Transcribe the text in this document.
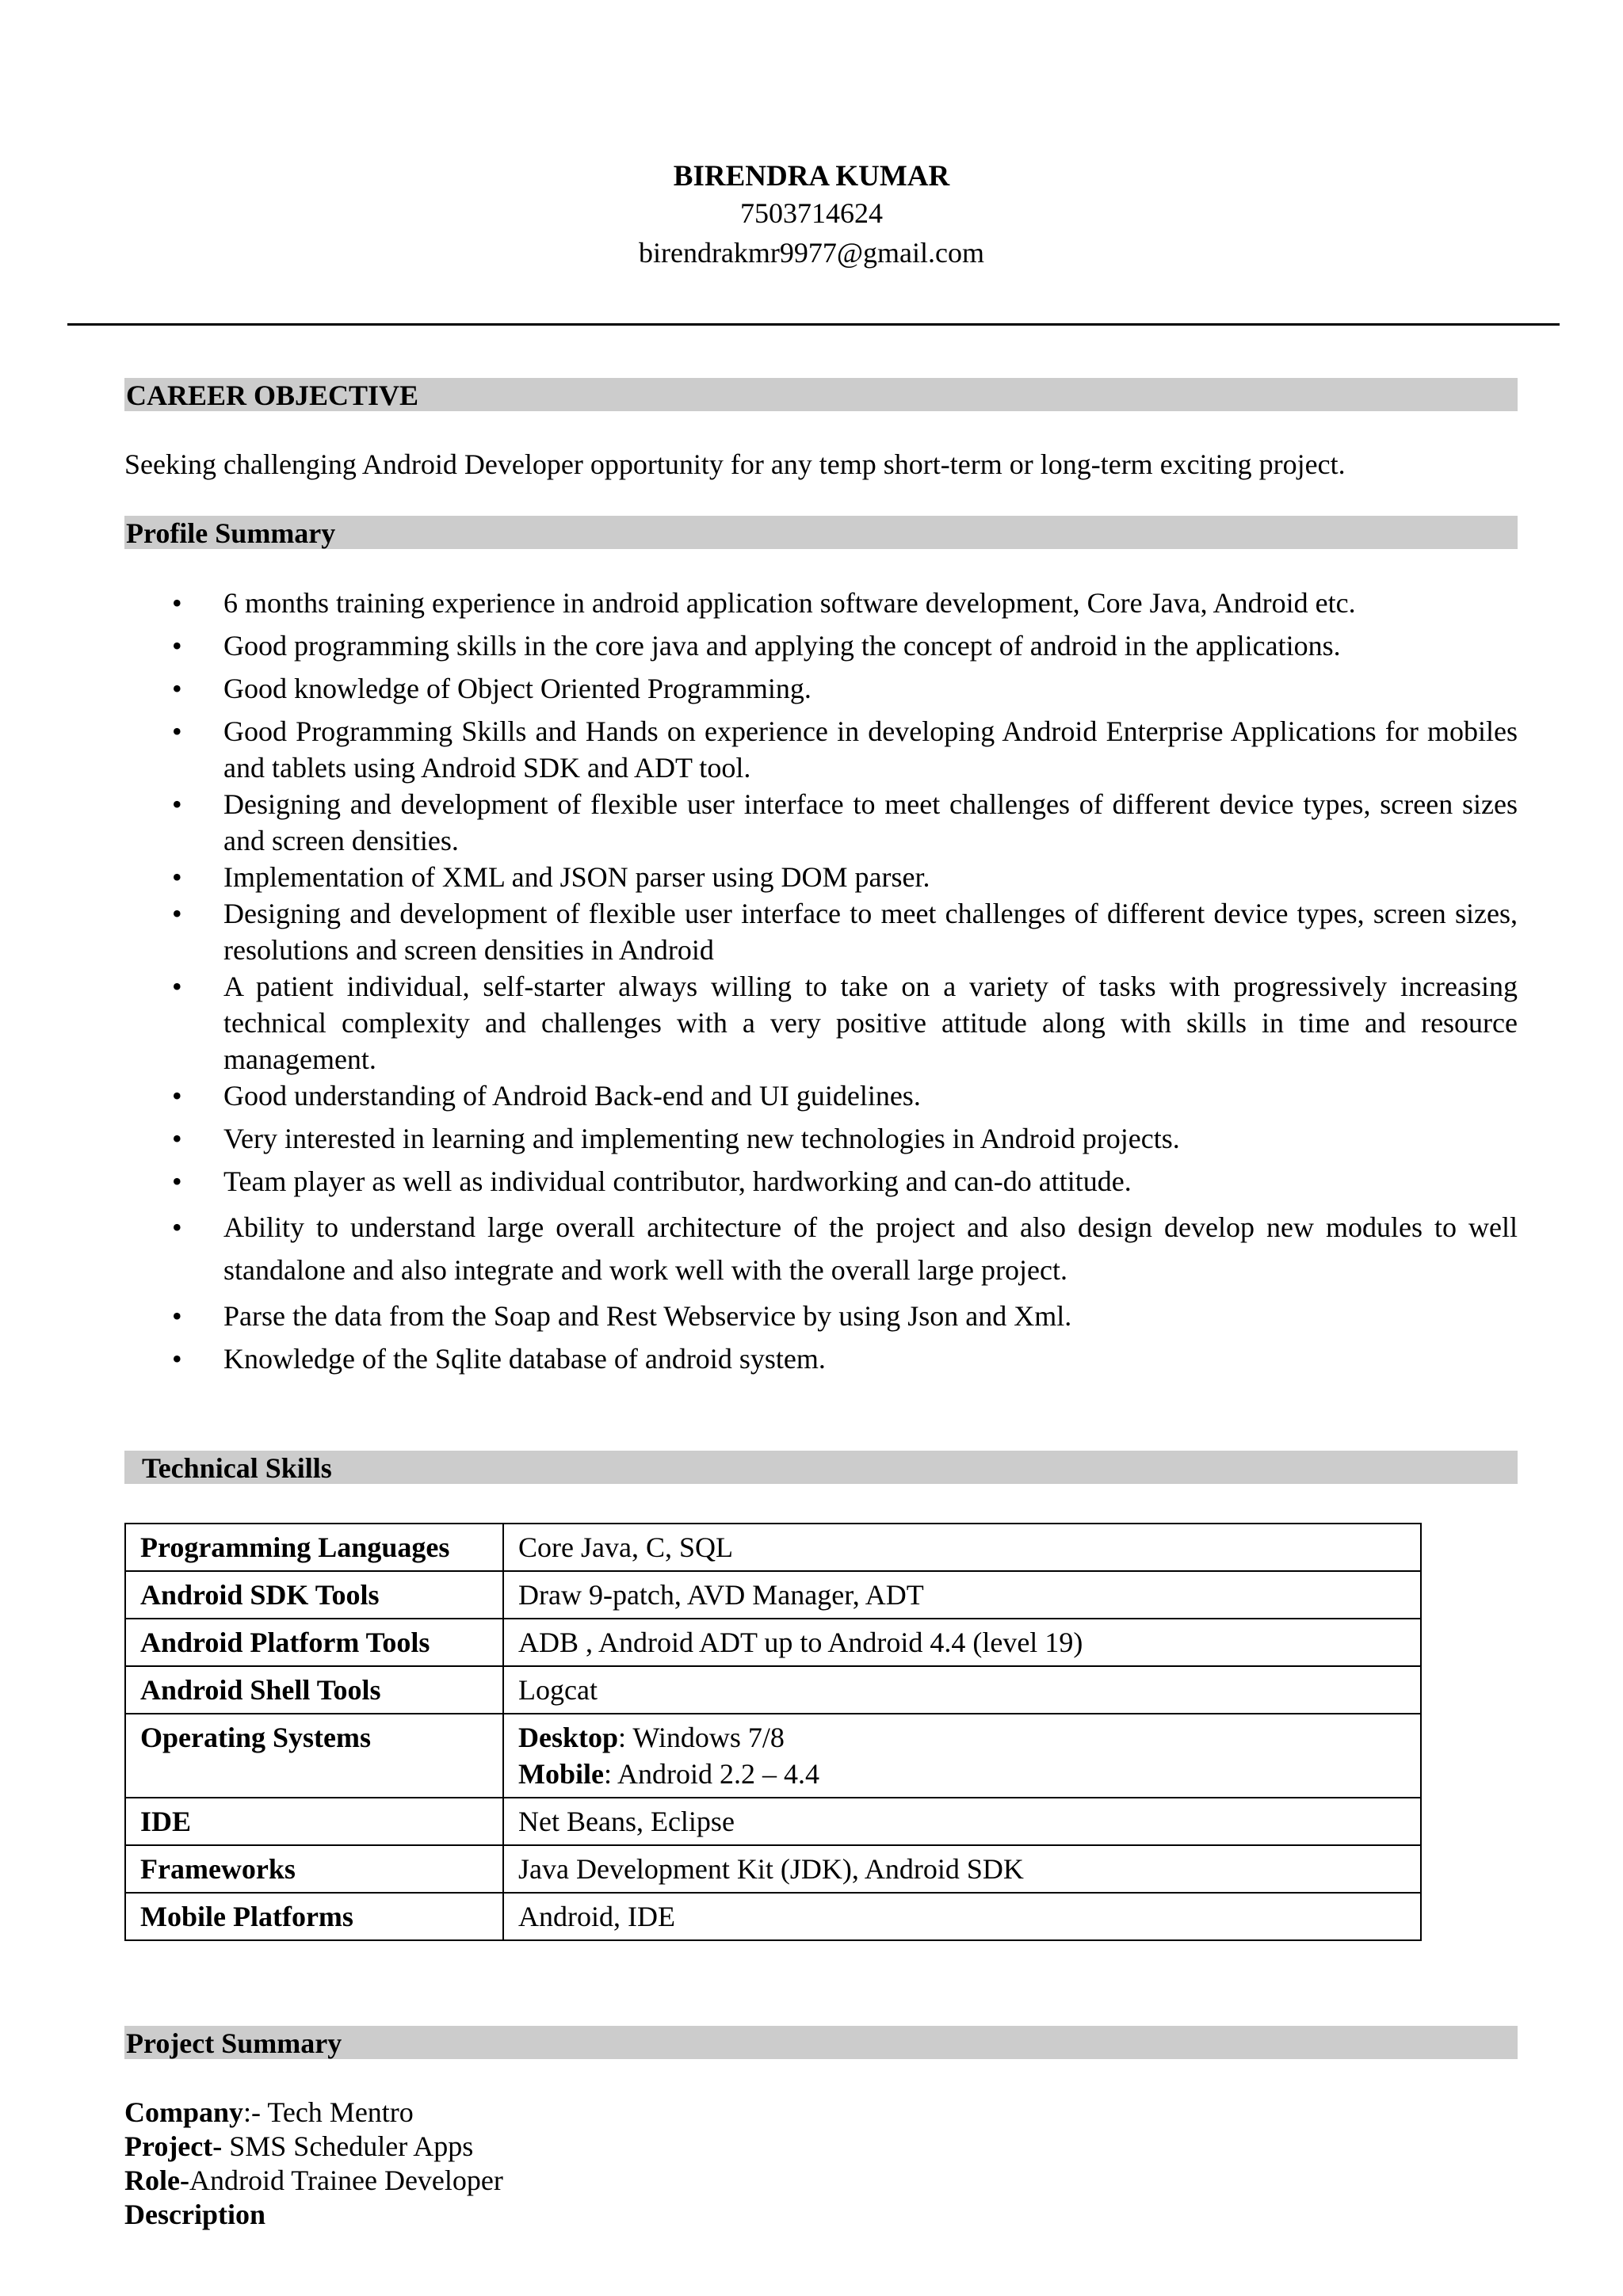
BIRENDRA KUMAR
7503714624
birendrakmr9977@gmail.com
CAREER OBJECTIVE
Seeking challenging Android Developer opportunity for any temp short-term or long-term exciting project.
Profile Summary
• 6 months training experience in android application software development, Core Java, Android etc.
• Good programming skills in the core java and applying the concept of android in the applications.
• Good knowledge of Object Oriented Programming.
• Good Programming Skills and Hands on experience in developing Android Enterprise Applications for mobiles and tablets using Android SDK and ADT tool.
• Designing and development of flexible user interface to meet challenges of different device types, screen sizes and screen densities.
• Implementation of XML and JSON parser using DOM parser.
• Designing and development of flexible user interface to meet challenges of different device types, screen sizes, resolutions and screen densities in Android
• A patient individual, self-starter always willing to take on a variety of tasks with progressively increasing technical complexity and challenges with a very positive attitude along with skills in time and resource management.
• Good understanding of Android Back-end and UI guidelines.
• Very interested in learning and implementing new technologies in Android projects.
• Team player as well as individual contributor, hardworking and can-do attitude.
• Ability to understand large overall architecture of the project and also design develop new modules to well standalone and also integrate and work well with the overall large project.
• Parse the data from the Soap and Rest Webservice by using Json and Xml.
• Knowledge of the Sqlite database of android system.
Technical Skills
Programming Languages	Core Java, C, SQL
Android SDK Tools	Draw 9-patch, AVD Manager, ADT
Android Platform Tools	ADB , Android ADT up to Android 4.4 (level 19)
Android Shell Tools	Logcat
Operating Systems	Desktop: Windows 7/8
Mobile: Android 2.2 – 4.4

IDE	Net Beans, Eclipse
Frameworks	Java Development Kit (JDK), Android SDK
Mobile Platforms	Android, IDE
Project Summary
Company:- Tech Mentro
Project- SMS Scheduler Apps
Role-Android Trainee Developer
Description
